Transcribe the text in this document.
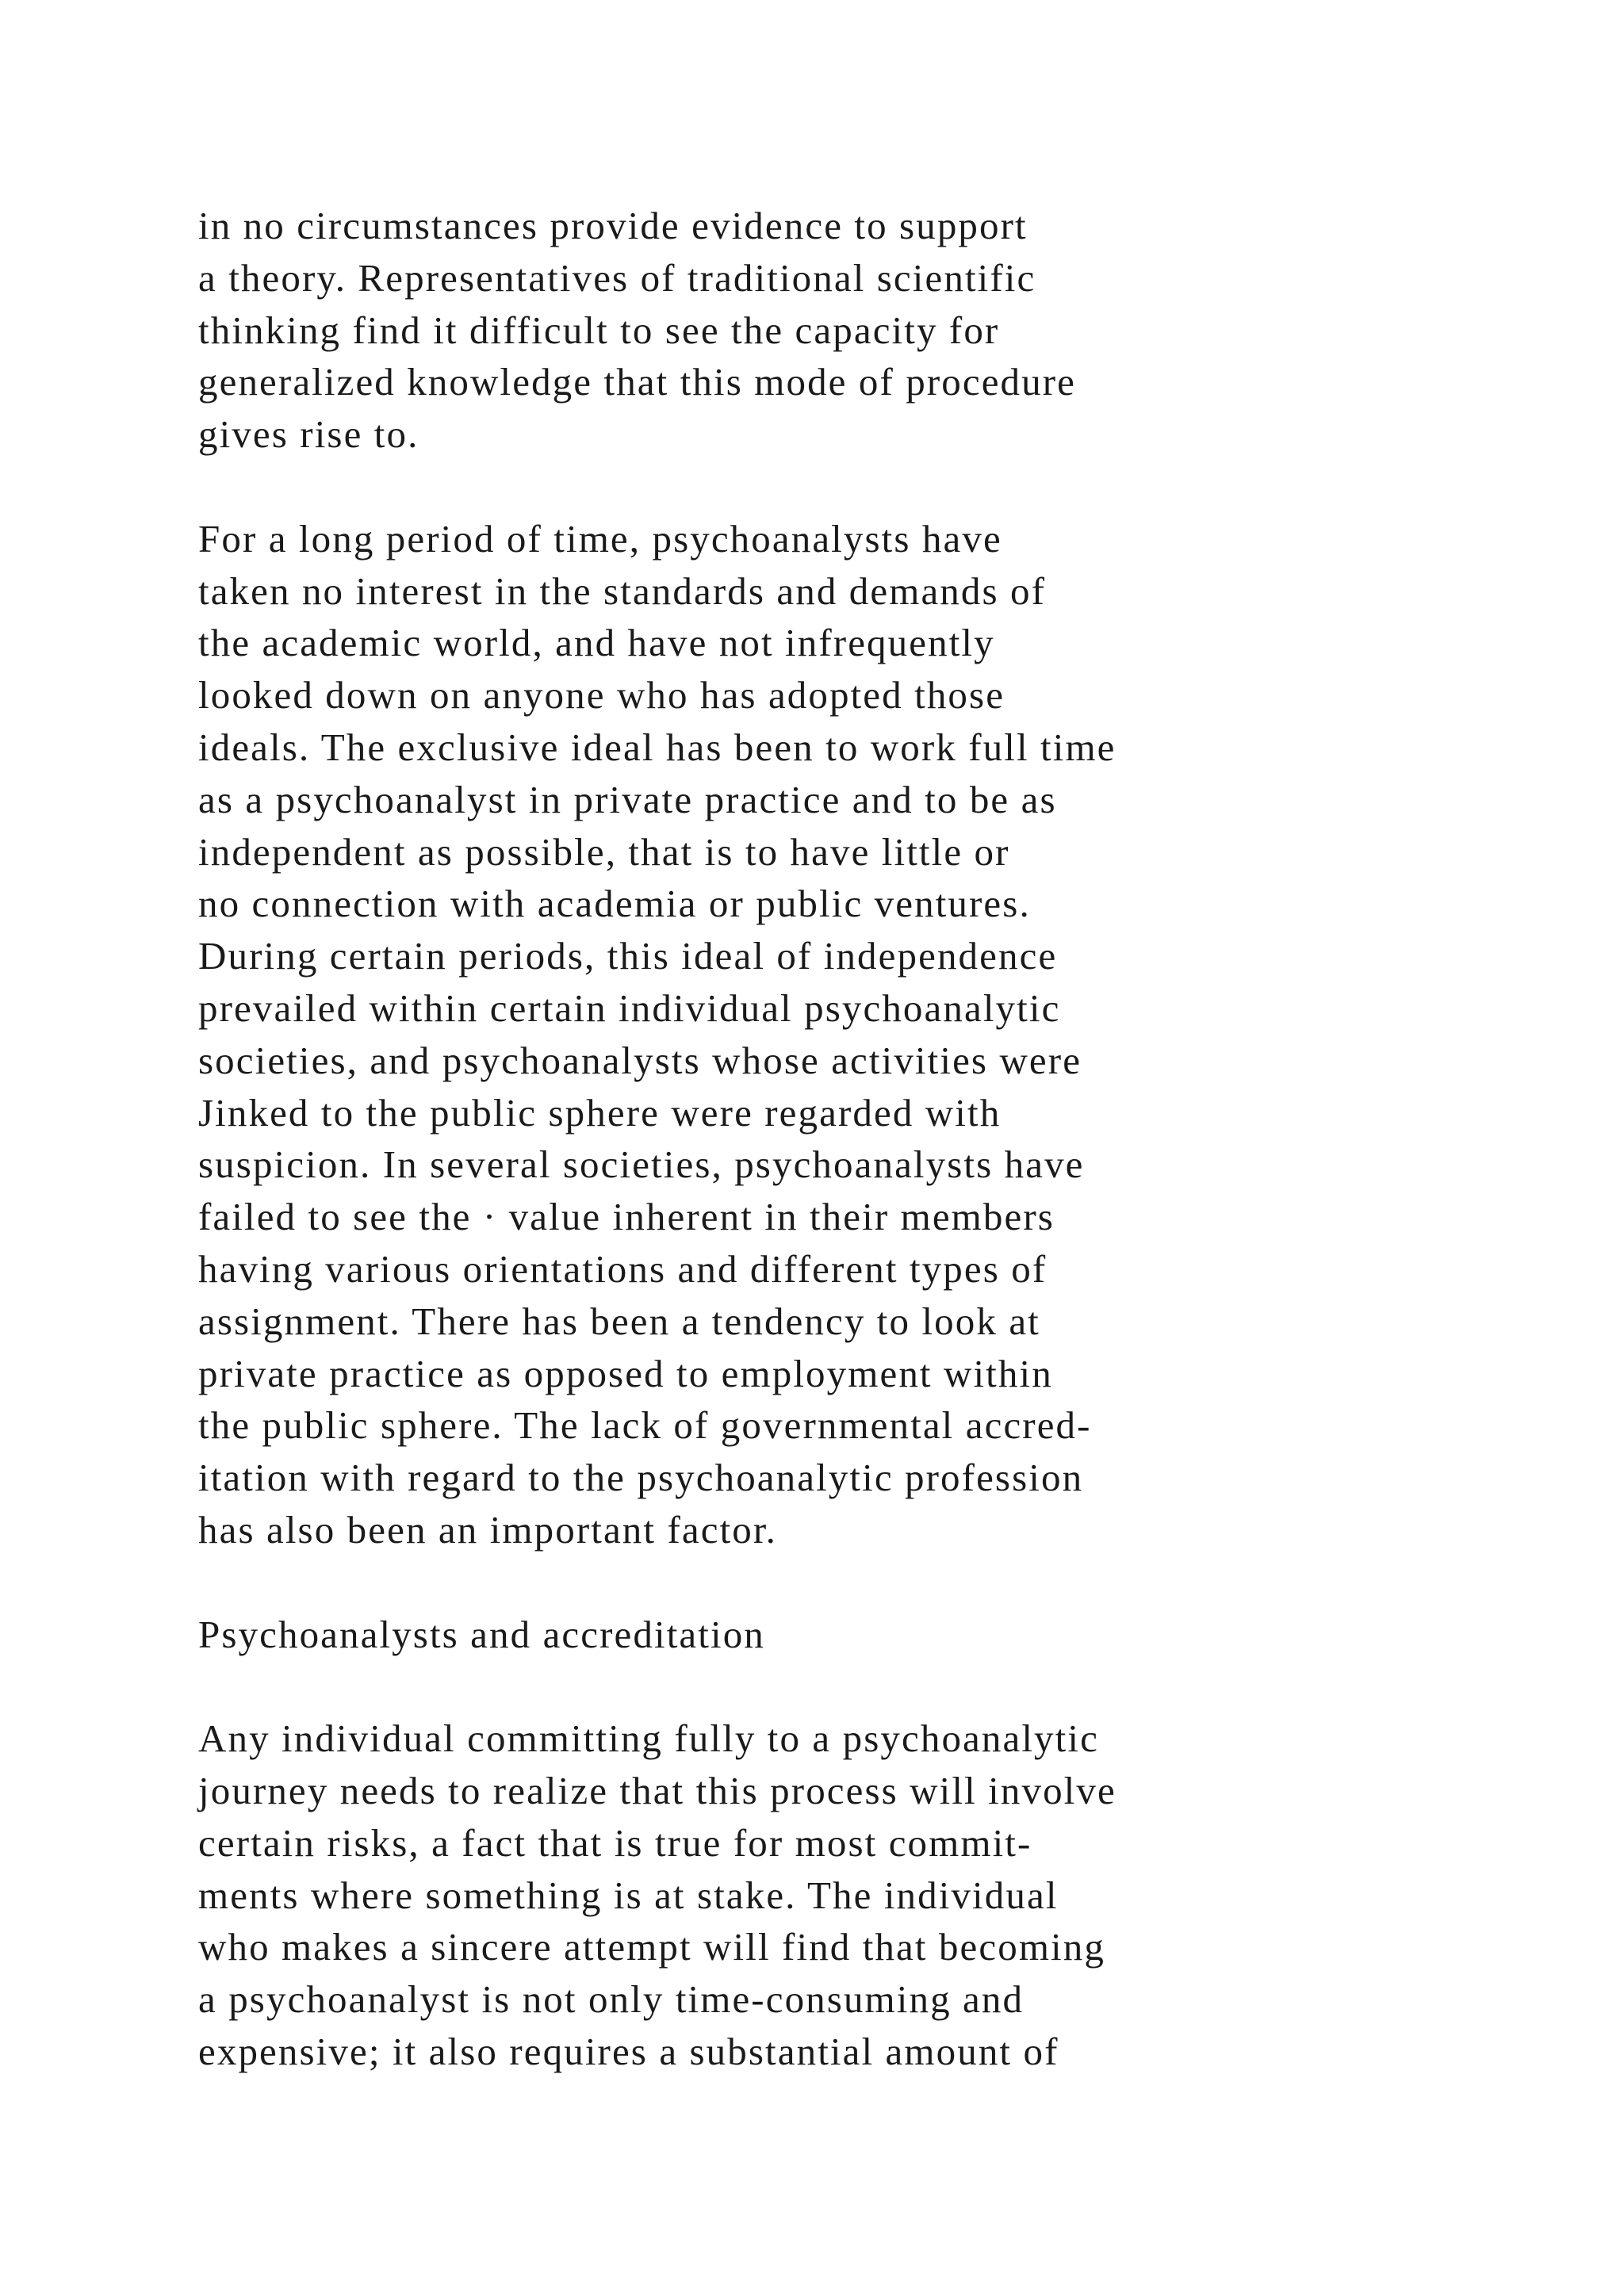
in no circumstances provide evidence to support
a theory. Representatives of traditional scientific
thinking find it difficult to see the capacity for
generalized knowledge that this mode of procedure
gives rise to.
For a long period of time, psychoanalysts have
taken no interest in the standards and demands of
the academic world, and have not infrequently
looked down on anyone who has adopted those
ideals. The exclusive ideal has been to work full time
as a psychoanalyst in private practice and to be as
independent as possible, that is to have little or
no connection with academia or public ventures.
During certain periods, this ideal of independence
prevailed within certain individual psychoanalytic
societies, and psychoanalysts whose activities were
Jinked to the public sphere were regarded with
suspicion. In several societies, psychoanalysts have
failed to see the · value inherent in their members
having various orientations and different types of
assignment. There has been a tendency to look at
private practice as opposed to employment within
the public sphere. The lack of governmental accred-
itation with regard to the psychoanalytic profession
has also been an important factor.
Psychoanalysts and accreditation
Any individual committing fully to a psychoanalytic
journey needs to realize that this process will involve
certain risks, a fact that is true for most commit-
ments where something is at stake. The individual
who makes a sincere attempt will find that becoming
a psychoanalyst is not only time-consuming and
expensive; it also requires a substantial amount of
